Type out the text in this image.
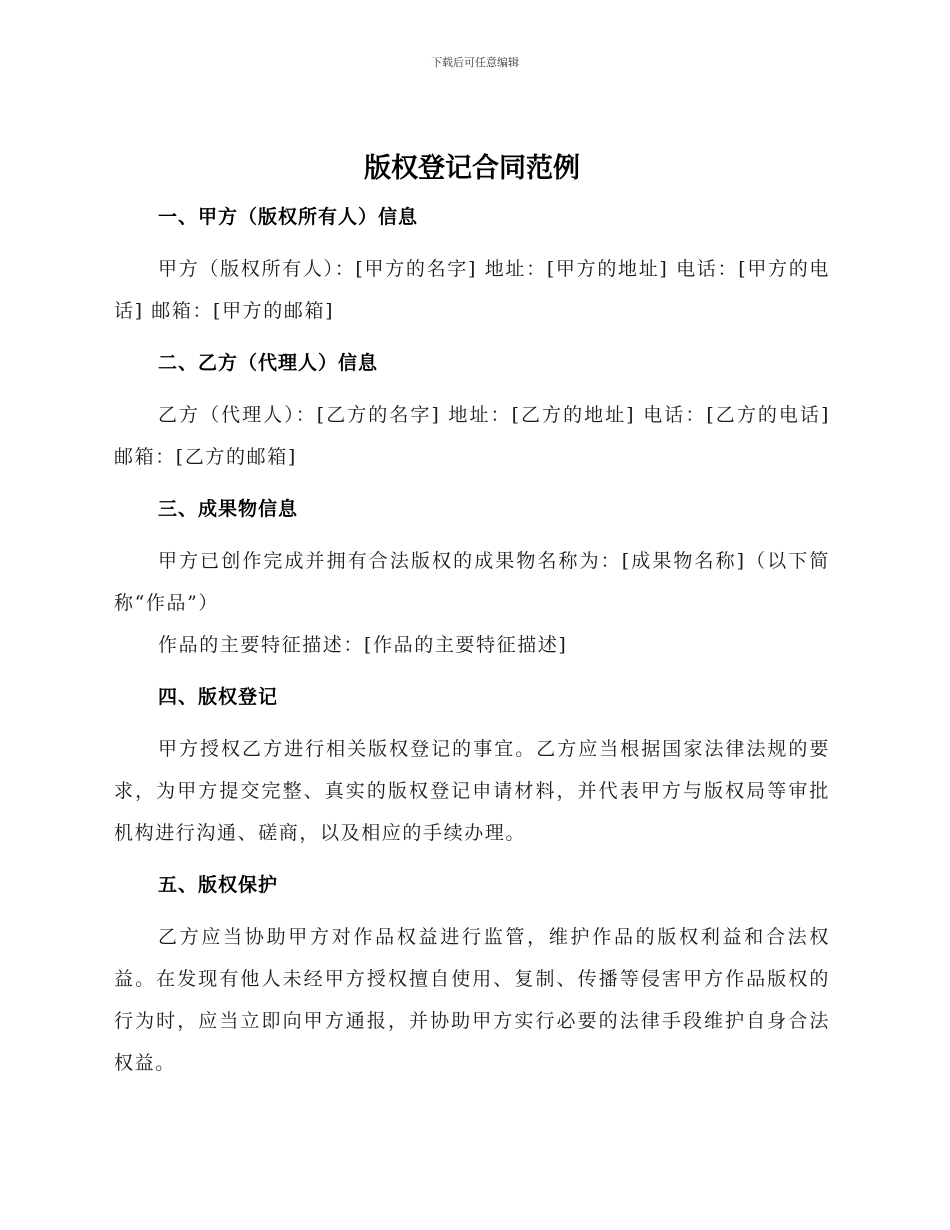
下载后可任意编辑
版权登记合同范例
一、甲方（版权所有人）信息

甲方（版权所有人）：[甲方的名字] 地址：[甲方的地址] 电话：[甲方的电话] 邮箱：[甲方的邮箱]

二、乙方（代理人）信息

乙方（代理人）：[乙方的名字] 地址：[乙方的地址] 电话：[乙方的电话] 邮箱：[乙方的邮箱]

三、成果物信息

甲方已创作完成并拥有合法版权的成果物名称为：[成果物名称]（以下简称“作品”）

作品的主要特征描述：[作品的主要特征描述]

四、版权登记

甲方授权乙方进行相关版权登记的事宜。乙方应当根据国家法律法规的要求，为甲方提交完整、真实的版权登记申请材料，并代表甲方与版权局等审批机构进行沟通、磋商，以及相应的手续办理。

五、版权保护

乙方应当协助甲方对作品权益进行监管，维护作品的版权利益和合法权益。在发现有他人未经甲方授权擅自使用、复制、传播等侵害甲方作品版权的行为时，应当立即向甲方通报，并协助甲方实行必要的法律手段维护自身合法权益。
